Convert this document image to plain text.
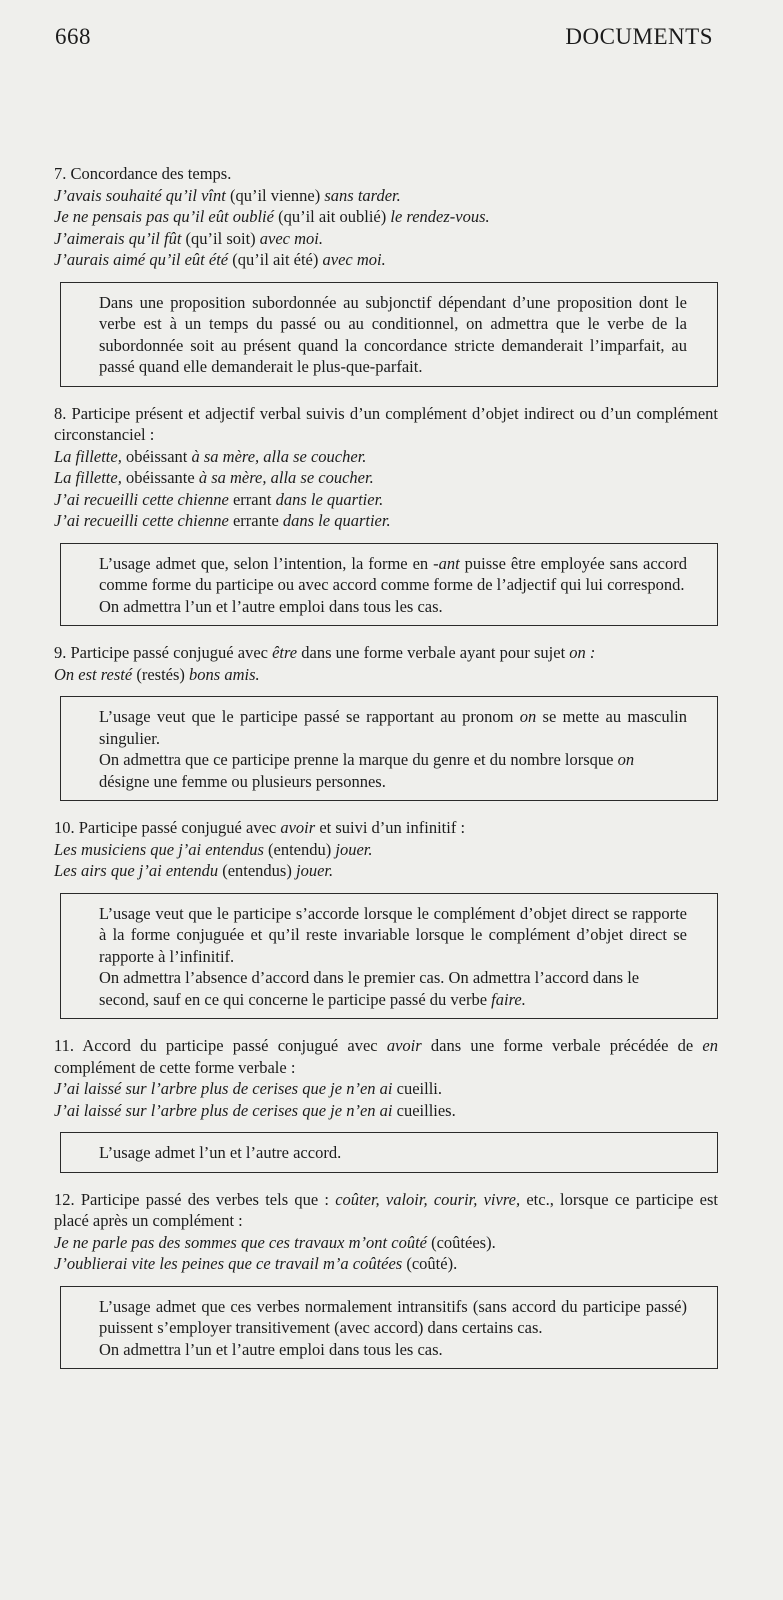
668	DOCUMENTS
7. Concordance des temps.
J’avais souhaité qu’il vînt (qu’il vienne) sans tarder.
Je ne pensais pas qu’il eût oublié (qu’il ait oublié) le rendez-vous.
J’aimerais qu’il fût (qu’il soit) avec moi.
J’aurais aimé qu’il eût été (qu’il ait été) avec moi.
Dans une proposition subordonnée au subjonctif dépendant d’une proposition dont le verbe est à un temps du passé ou au conditionnel, on admettra que le verbe de la subordonnée soit au présent quand la concordance stricte demanderait l’imparfait, au passé quand elle demanderait le plus-que-parfait.
8. Participe présent et adjectif verbal suivis d’un complément d’objet indirect ou d’un complément circonstanciel :
La fillette, obéissant à sa mère, alla se coucher.
La fillette, obéissante à sa mère, alla se coucher.
J’ai recueilli cette chienne errant dans le quartier.
J’ai recueilli cette chienne errante dans le quartier.
L’usage admet que, selon l’intention, la forme en -ant puisse être employée sans accord comme forme du participe ou avec accord comme forme de l’adjectif qui lui correspond.
On admettra l’un et l’autre emploi dans tous les cas.
9. Participe passé conjugué avec être dans une forme verbale ayant pour sujet on :
On est resté (restés) bons amis.
L’usage veut que le participe passé se rapportant au pronom on se mette au masculin singulier.
On admettra que ce participe prenne la marque du genre et du nombre lorsque on désigne une femme ou plusieurs personnes.
10. Participe passé conjugué avec avoir et suivi d’un infinitif :
Les musiciens que j’ai entendus (entendu) jouer.
Les airs que j’ai entendu (entendus) jouer.
L’usage veut que le participe s’accorde lorsque le complément d’objet direct se rapporte à la forme conjuguée et qu’il reste invariable lorsque le complément d’objet direct se rapporte à l’infinitif.
On admettra l’absence d’accord dans le premier cas. On admettra l’accord dans le second, sauf en ce qui concerne le participe passé du verbe faire.
11. Accord du participe passé conjugué avec avoir dans une forme verbale précédée de en complément de cette forme verbale :
J’ai laissé sur l’arbre plus de cerises que je n’en ai cueilli.
J’ai laissé sur l’arbre plus de cerises que je n’en ai cueillies.
L’usage admet l’un et l’autre accord.
12. Participe passé des verbes tels que : coûter, valoir, courir, vivre, etc., lorsque ce participe est placé après un complément :
Je ne parle pas des sommes que ces travaux m’ont coûté (coûtées).
J’oublierai vite les peines que ce travail m’a coûtées (coûté).
L’usage admet que ces verbes normalement intransitifs (sans accord du participe passé) puissent s’employer transitivement (avec accord) dans certains cas.
On admettra l’un et l’autre emploi dans tous les cas.
